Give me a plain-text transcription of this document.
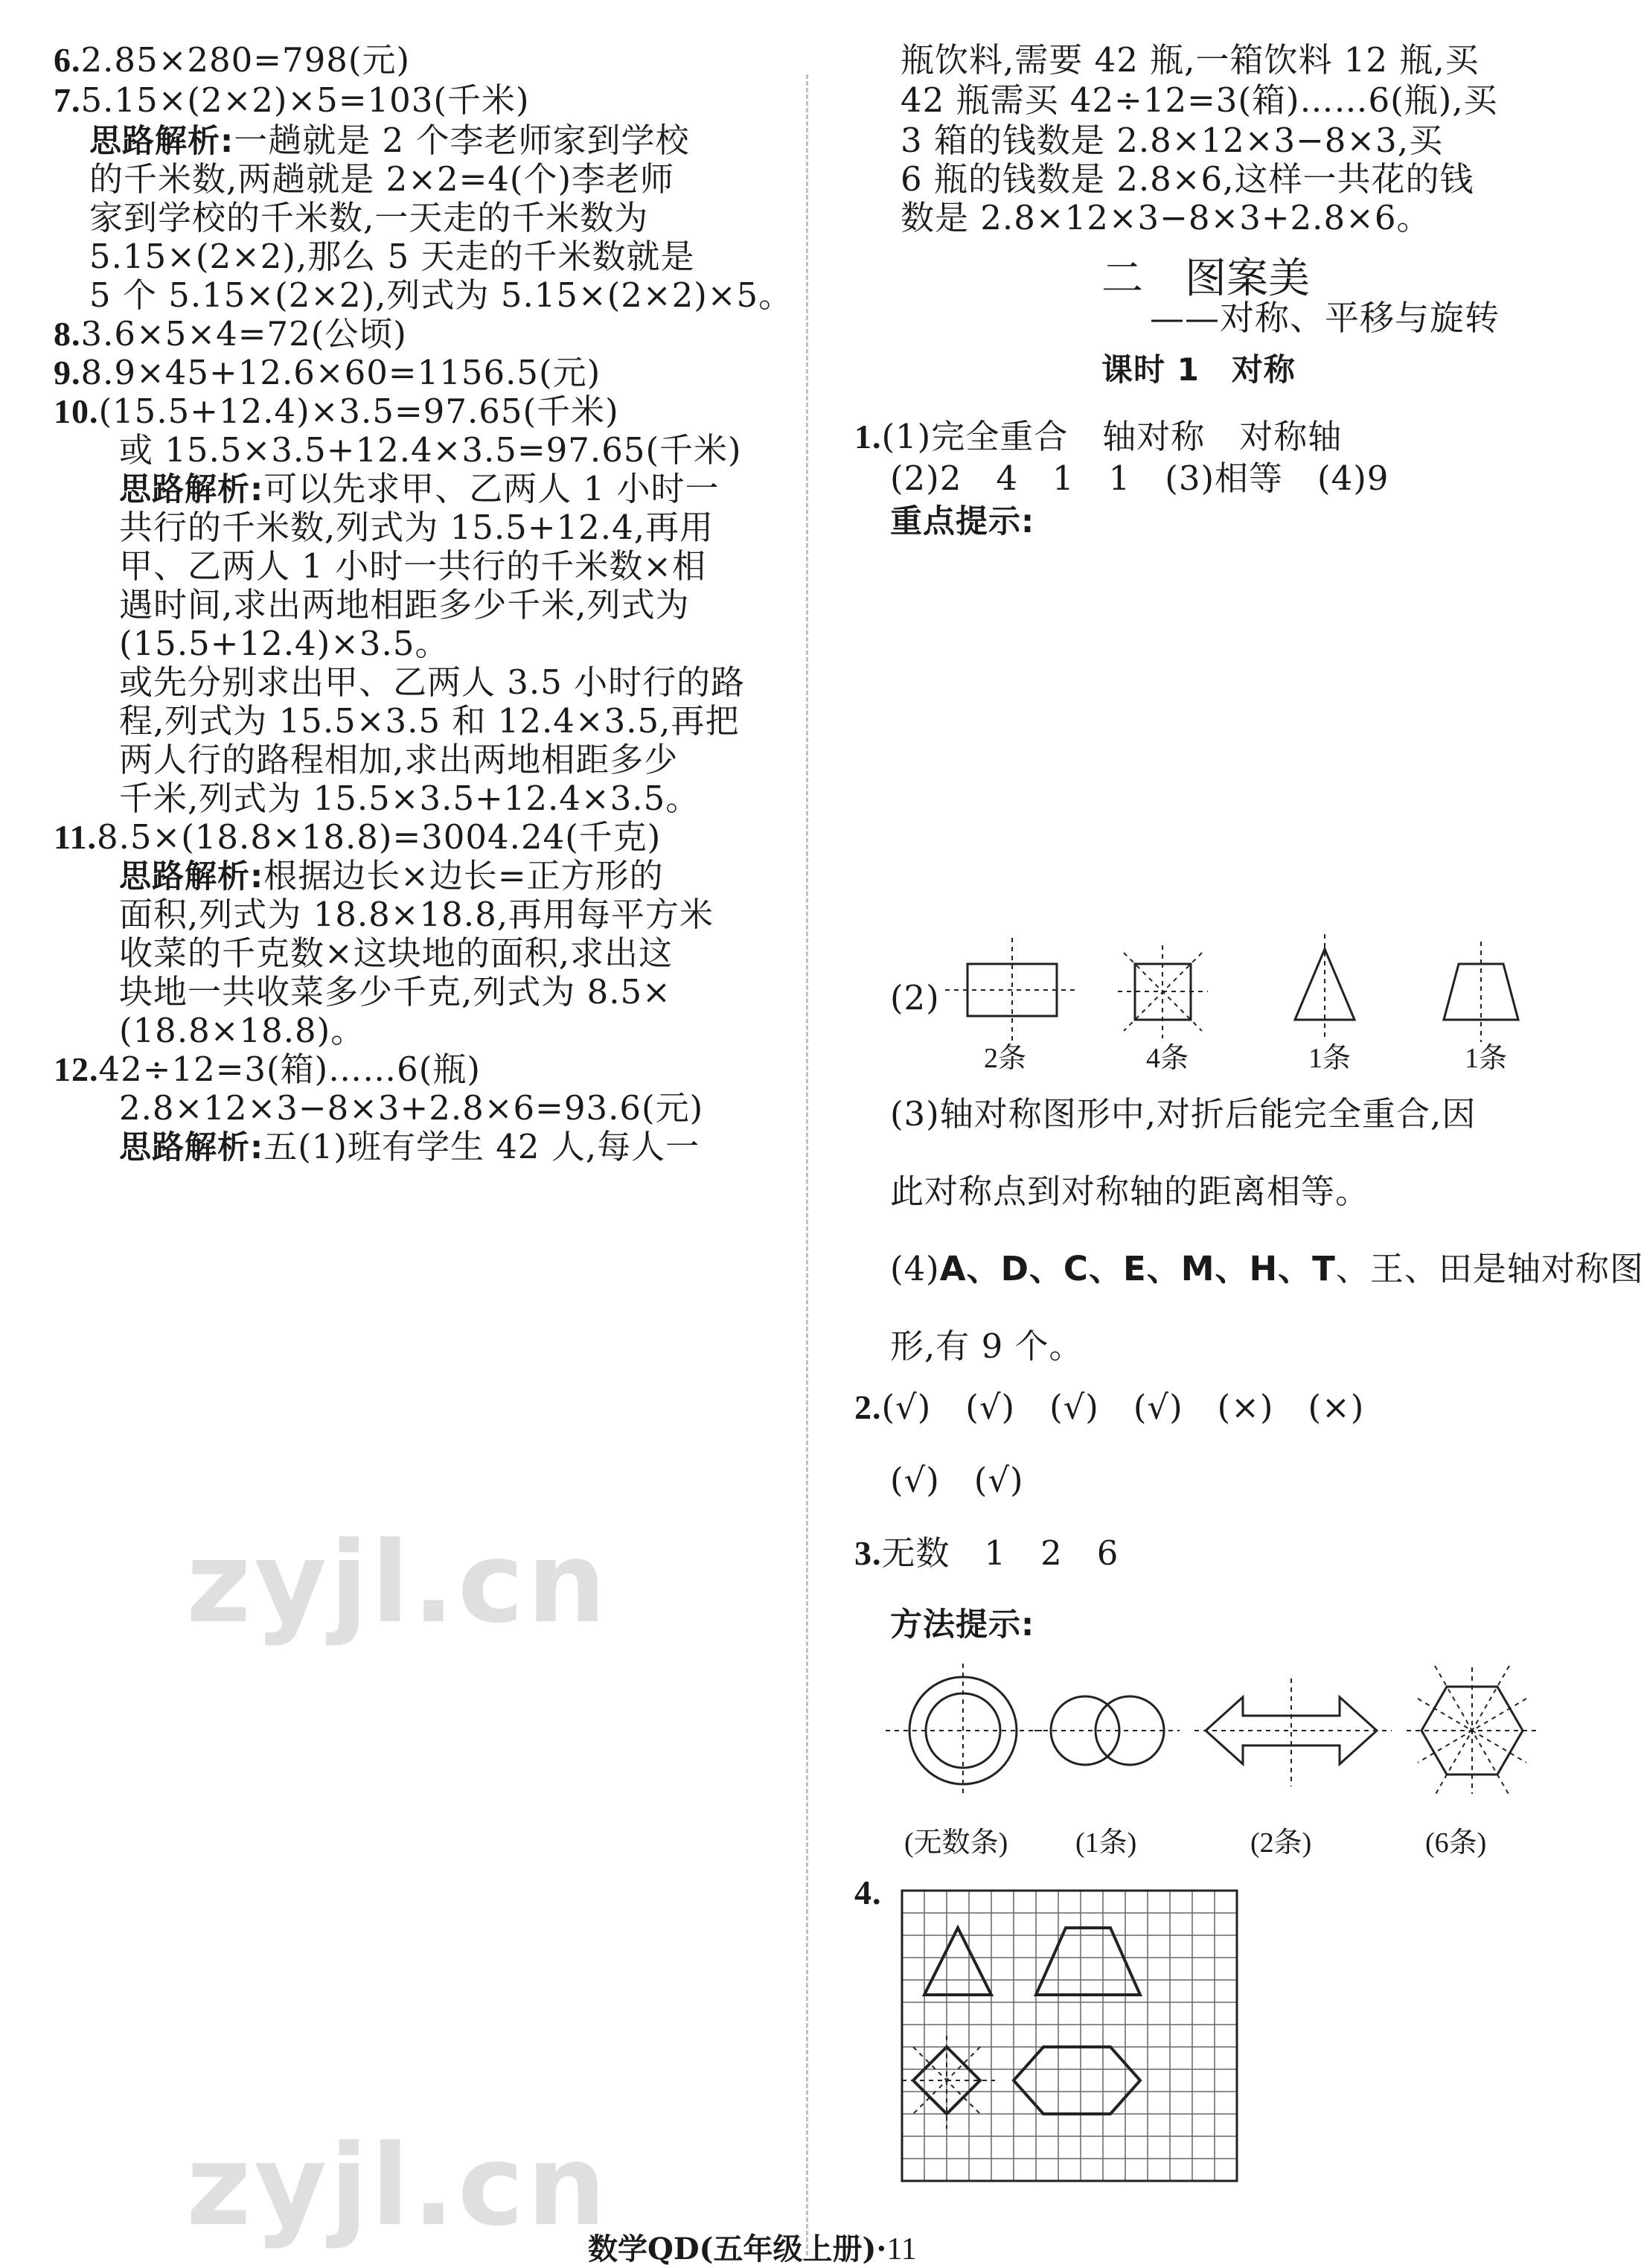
6.2.85×280=798(元)
7.5.15×(2×2)×5=103(千米)
思路解析:一趟就是 2 个李老师家到学校
的千米数,两趟就是 2×2=4(个)李老师
家到学校的千米数,一天走的千米数为
5.15×(2×2),那么 5 天走的千米数就是
5 个 5.15×(2×2),列式为 5.15×(2×2)×5。
8.3.6×5×4=72(公顷)
9.8.9×45+12.6×60=1156.5(元)
10.(15.5+12.4)×3.5=97.65(千米)
或 15.5×3.5+12.4×3.5=97.65(千米)
思路解析:可以先求甲、乙两人 1 小时一
共行的千米数,列式为 15.5+12.4,再用
甲、乙两人 1 小时一共行的千米数×相
遇时间,求出两地相距多少千米,列式为
(15.5+12.4)×3.5。
或先分别求出甲、乙两人 3.5 小时行的路
程,列式为 15.5×3.5 和 12.4×3.5,再把
两人行的路程相加,求出两地相距多少
千米,列式为 15.5×3.5+12.4×3.5。
11.8.5×(18.8×18.8)=3004.24(千克)
思路解析:根据边长×边长=正方形的
面积,列式为 18.8×18.8,再用每平方米
收菜的千克数×这块地的面积,求出这
块地一共收菜多少千克,列式为 8.5×
(18.8×18.8)。
12.42÷12=3(箱)……6(瓶)
2.8×12×3−8×3+2.8×6=93.6(元)
思路解析:五(1)班有学生 42 人,每人一
瓶饮料,需要 42 瓶,一箱饮料 12 瓶,买
42 瓶需买 42÷12=3(箱)……6(瓶),买
3 箱的钱数是 2.8×12×3−8×3,买
6 瓶的钱数是 2.8×6,这样一共花的钱
数是 2.8×12×3−8×3+2.8×6。
二　图案美
——对称、平移与旋转
课时 1　对称
1.(1)完全重合　轴对称　对称轴
(2)2　4　1　1　(3)相等　(4)9
重点提示:
(2)
2条	4条	1条	1条
(3)轴对称图形中,对折后能完全重合,因
此对称点到对称轴的距离相等。
(4)A、D、C、E、M、H、T、王、田是轴对称图
形,有 9 个。
2.(√)　(√)　(√)　(√)　(×)　(×)
(√)　(√)
3.无数　1　2　6
方法提示:
(无数条) (1条)	(2条)	(6条)
4.
zyjl.cn
zyjl.cn
数学QD(五年级上册)·11
